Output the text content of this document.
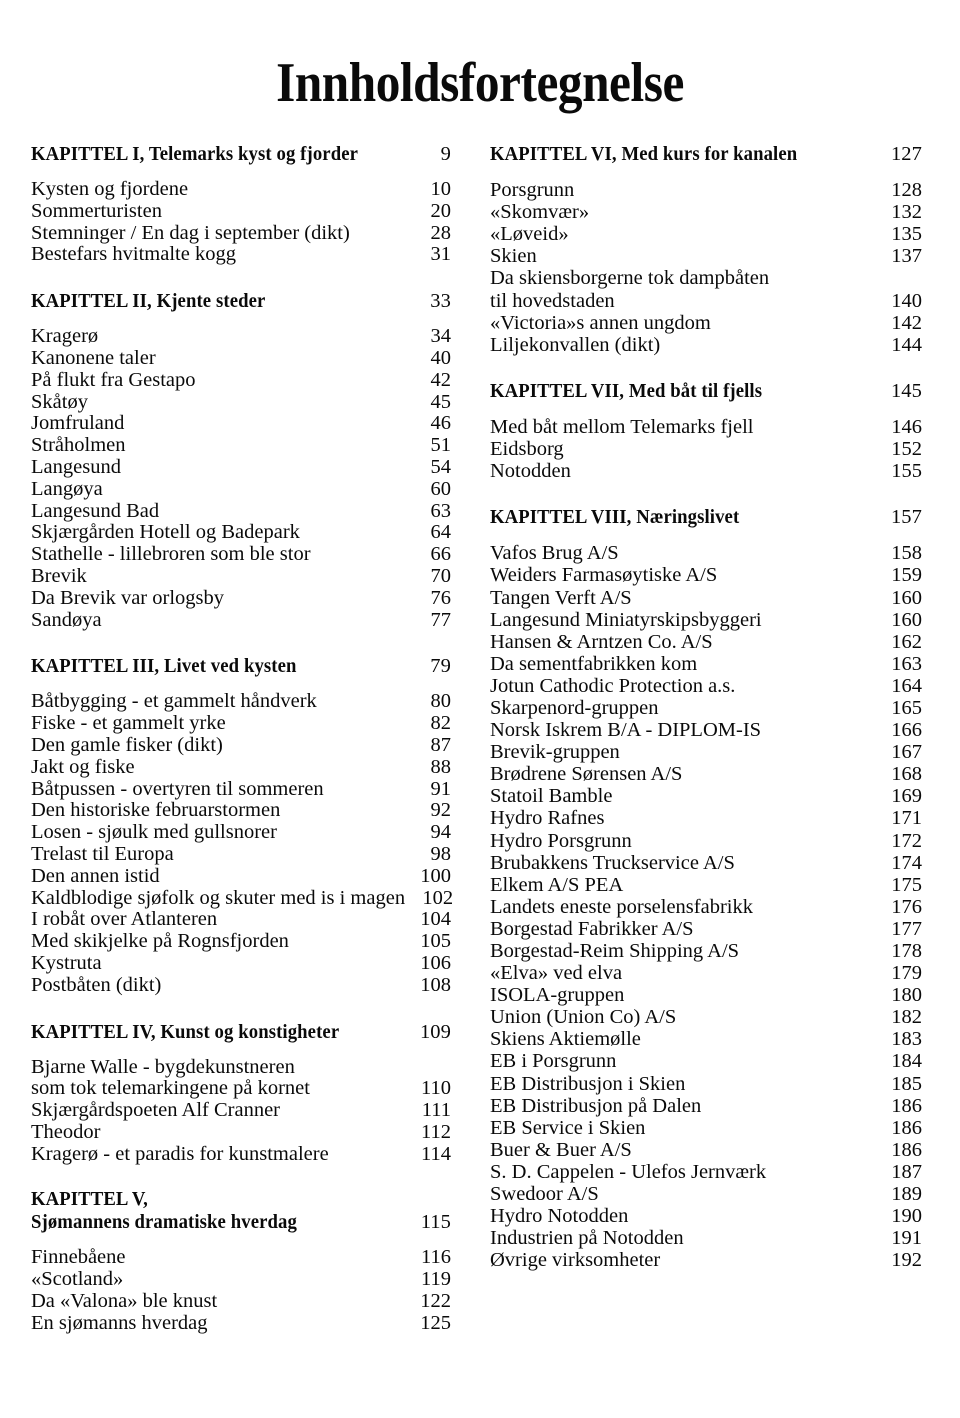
Innholdsfortegnelse
KAPITTEL I, Telemarks kyst og fjorder	9
Kysten og fjordene	10
Sommerturisten	20
Stemninger / En dag i september (dikt)	28
Bestefars hvitmalte kogg	31
KAPITTEL II, Kjente steder	33
Kragerø	34
Kanonene taler	40
På flukt fra Gestapo	42
Skåtøy	45
Jomfruland	46
Stråholmen	51
Langesund	54
Langøya	60
Langesund Bad	63
Skjærgården Hotell og Badepark	64
Stathelle - lillebroren som ble stor	66
Brevik	70
Da Brevik var orlogsby	76
Sandøya	77
KAPITTEL III, Livet ved kysten	79
Båtbygging - et gammelt håndverk	80
Fiske - et gammelt yrke	82
Den gamle fisker (dikt)	87
Jakt og fiske	88
Båtpussen - overtyren til sommeren	91
Den historiske februarstormen	92
Losen - sjøulk med gullsnorer	94
Trelast til Europa	98
Den annen istid	100
Kaldblodige sjøfolk og skuter med is i magen 102
I robåt over Atlanteren	104
Med skikjelke på Rognsfjorden	105
Kystruta	106
Postbåten (dikt)	108
KAPITTEL IV, Kunst og konstigheter	109
Bjarne Walle - bygdekunstneren
som tok telemarkingene på kornet	110
Skjærgårdspoeten Alf Cranner	111
Theodor	112
Kragerø - et paradis for kunstmalere	114
KAPITTEL V,
Sjømannens dramatiske hverdag	115
Finnebåene	116
«Scotland»	119
Da «Valona» ble knust	122
En sjømanns hverdag	125
KAPITTEL VI, Med kurs for kanalen	127
Porsgrunn	128
«Skomvær»	132
«Løveid»	135
Skien	137
Da skiensborgerne tok dampbåten
til hovedstaden	140
«Victoria»s annen ungdom	142
Liljekonvallen (dikt)	144
KAPITTEL VII, Med båt til fjells	145
Med båt mellom Telemarks fjell	146
Eidsborg	152
Notodden	155
KAPITTEL VIII, Næringslivet	157
Vafos Brug A/S	158
Weiders Farmasøytiske A/S	159
Tangen Verft A/S	160
Langesund Miniatyrskipsbyggeri	160
Hansen & Arntzen Co. A/S	162
Da sementfabrikken kom	163
Jotun Cathodic Protection a.s.	164
Skarpenord-gruppen	165
Norsk Iskrem B/A - DIPLOM-IS	166
Brevik-gruppen	167
Brødrene Sørensen A/S	168
Statoil Bamble	169
Hydro Rafnes	171
Hydro Porsgrunn	172
Brubakkens Truckservice A/S	174
Elkem A/S PEA	175
Landets eneste porselensfabrikk	176
Borgestad Fabrikker A/S	177
Borgestad-Reim Shipping A/S	178
«Elva» ved elva	179
ISOLA-gruppen	180
Union (Union Co) A/S	182
Skiens Aktiemølle	183
EB i Porsgrunn	184
EB Distribusjon i Skien	185
EB Distribusjon på Dalen	186
EB Service i Skien	186
Buer & Buer A/S	186
S. D. Cappelen - Ulefos Jernværk	187
Swedoor A/S	189
Hydro Notodden	190
Industrien på Notodden	191
Øvrige virksomheter	192
